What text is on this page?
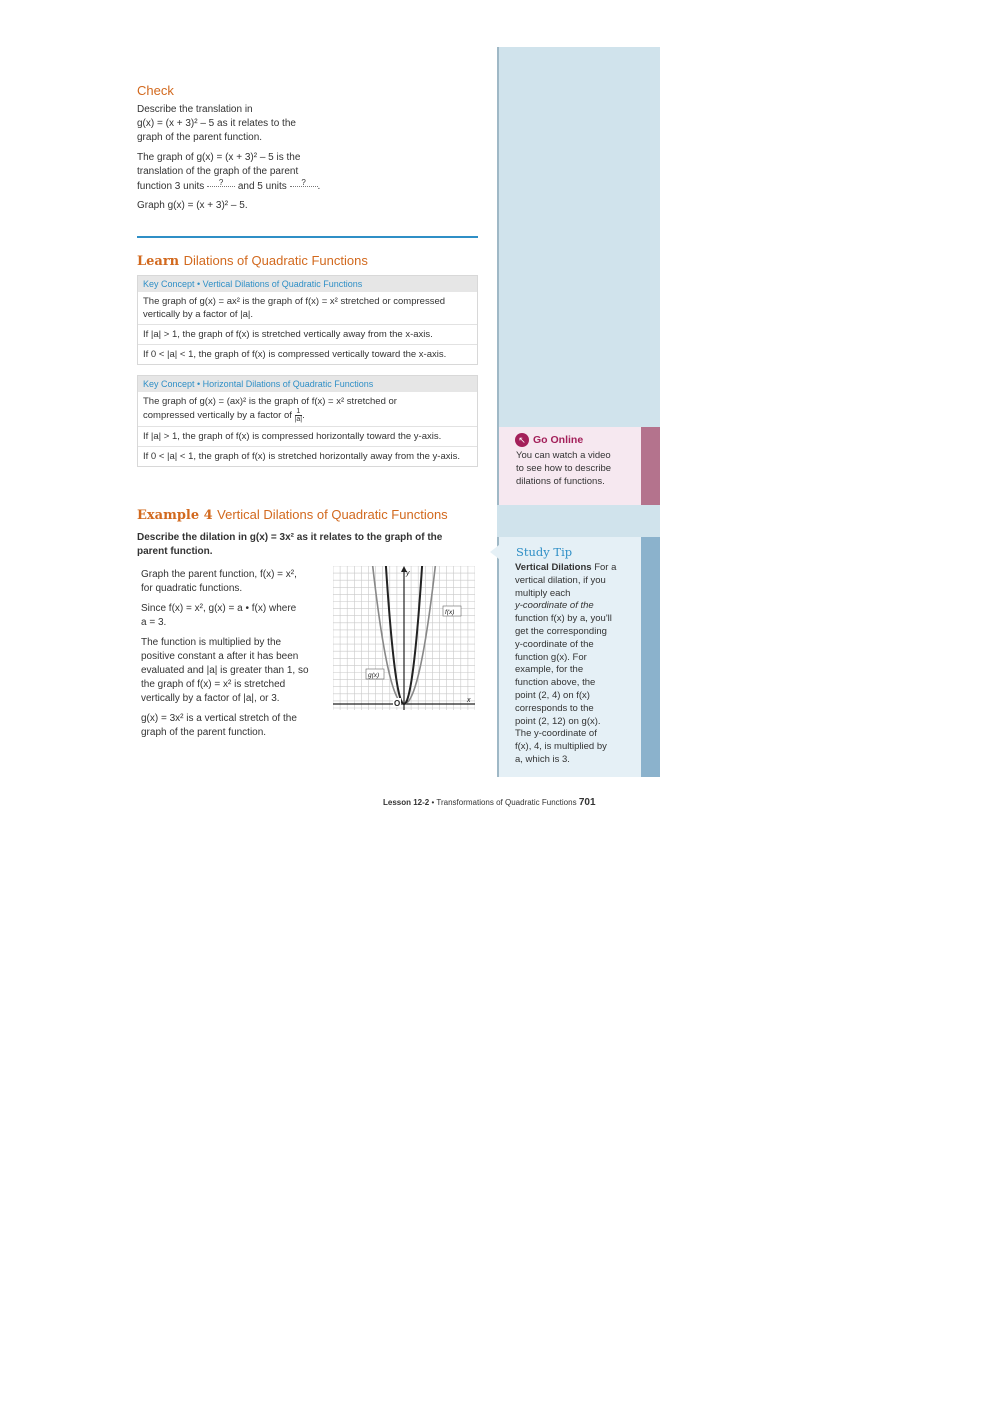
↖ Go Online
You can watch a video
to see how to describe
dilations of functions.
Study Tip
Vertical Dilations For a
vertical dilation, if you
multiply each
y-coordinate of the
function f(x) by a, you'll
get the corresponding
y-coordinate of the
function g(x). For
example, for the
function above, the
point (2, 4) on f(x)
corresponds to the
point (2, 12) on g(x).
The y-coordinate of
f(x), 4, is multiplied by
a, which is 3.
Check
Describe the translation in
g(x) = (x + 3)² – 5 as it relates to the
graph of the parent function.
The graph of g(x) = (x + 3)² – 5 is the
translation of the graph of the parent
function 3 units ? and 5 units ? .
Graph g(x) = (x + 3)² – 5.
Learn Dilations of Quadratic Functions
Key Concept • Vertical Dilations of Quadratic Functions
The graph of g(x) = ax² is the graph of f(x) = x² stretched or compressed vertically by a factor of |a|.
If |a| > 1, the graph of f(x) is stretched vertically away from the x-axis.
If 0 < |a| < 1, the graph of f(x) is compressed vertically toward the x-axis.
Key Concept • Horizontal Dilations of Quadratic Functions
The graph of g(x) = (ax)² is the graph of f(x) = x² stretched or
compressed vertically by a factor of $\frac{1}{|a|}$ .
If |a| > 1, the graph of f(x) is compressed horizontally toward the y-axis.
If 0 < |a| < 1, the graph of f(x) is stretched horizontally away from the y-axis.
Example 4 Vertical Dilations of Quadratic Functions
Describe the dilation in g(x) = 3x² as it relates to the graph of the
parent function.
Graph the parent function, f(x) = x²,
for quadratic functions.
Since f(x) = x², g(x) = a • f(x) where
a = 3.
The function is multiplied by the
positive constant a after it has been
evaluated and |a| is greater than 1, so
the graph of f(x) = x² is stretched
vertically by a factor of |a|, or 3.
g(x) = 3x² is a vertical stretch of the
graph of the parent function.
y
x
O
f(x)
g(x)
Lesson 12-2 • Transformations of Quadratic Functions 701
